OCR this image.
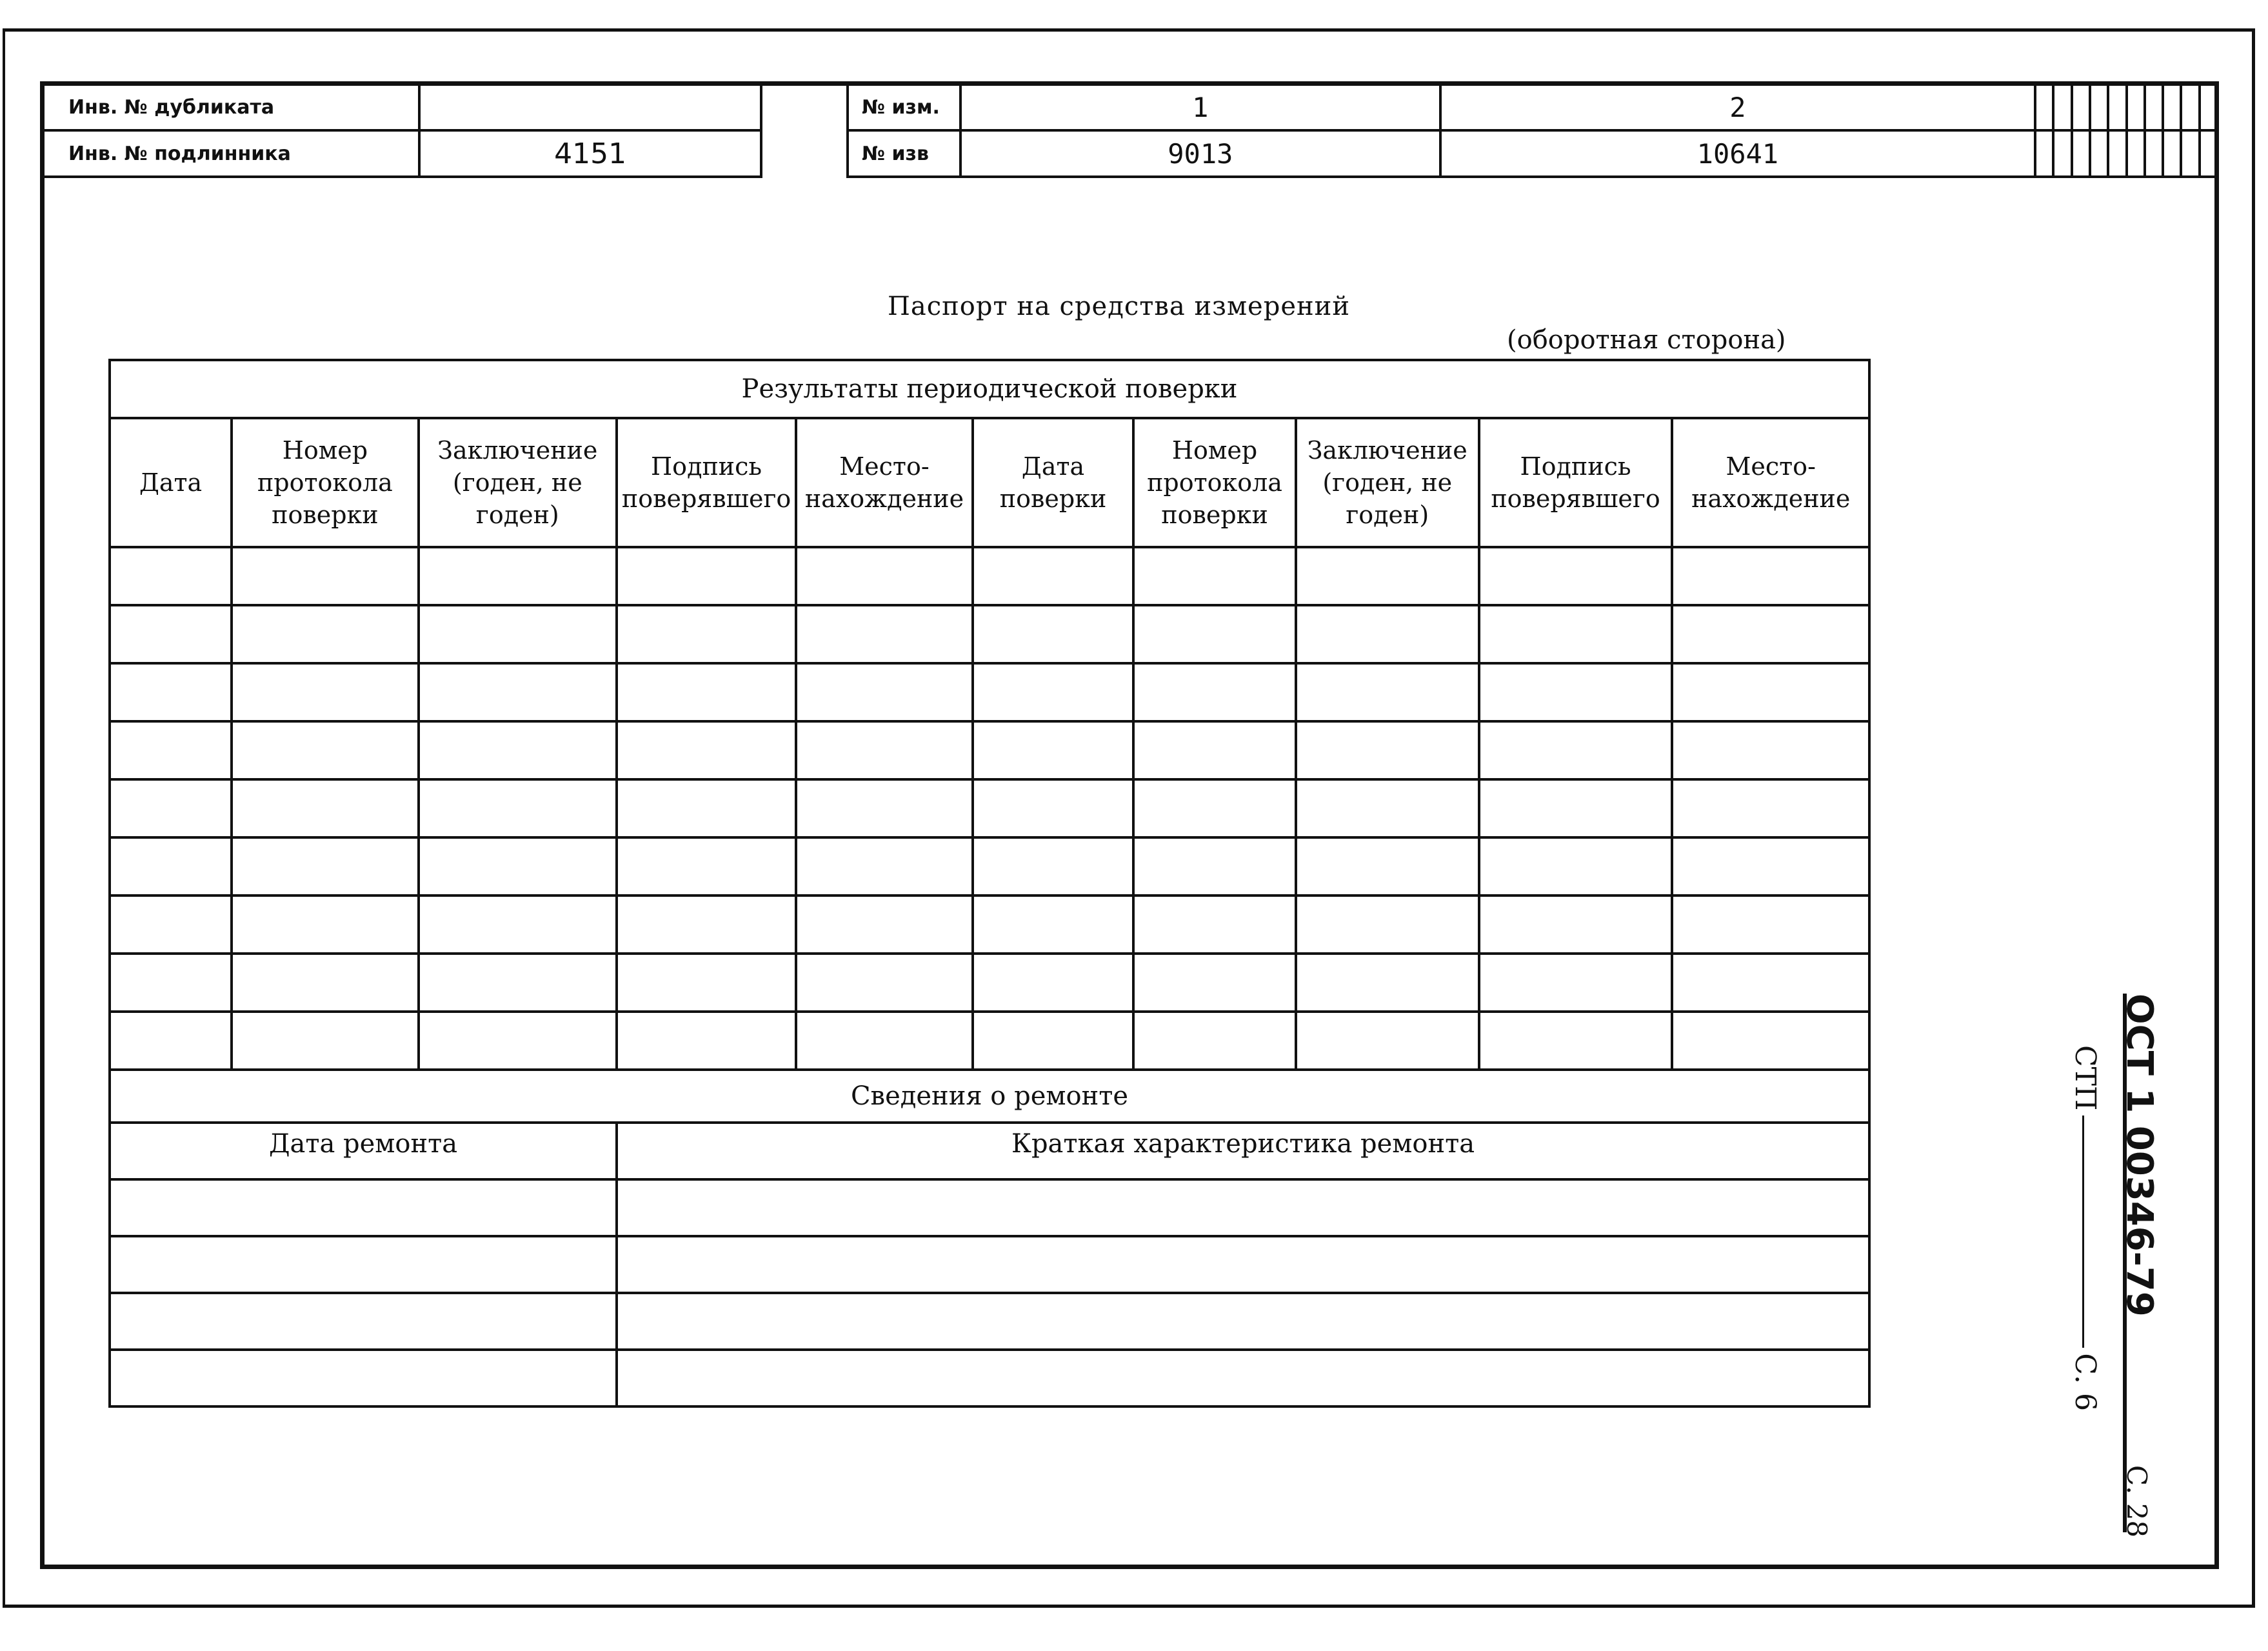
Инв. № дубликата	
Инв. № подлинника	4151
№ изм.	1	2										
№ изв	9013	10641										
Паспорт на средства измерений
(оборотная сторона)
Результаты периодической поверки									
Дата	Номер протокола поверки	Заключение (годен, не годен)	Подпись поверявшего	Место-нахождение	Дата поверки	Номер протокола поверки	Заключение (годен, не годен)	Подпись поверявшего	Место-нахождение

Сведения о ремонте									
Дата ремонта			Краткая характеристика ремонта						

		ОСТ 1 00346-79С. 28
СТПС. 6
